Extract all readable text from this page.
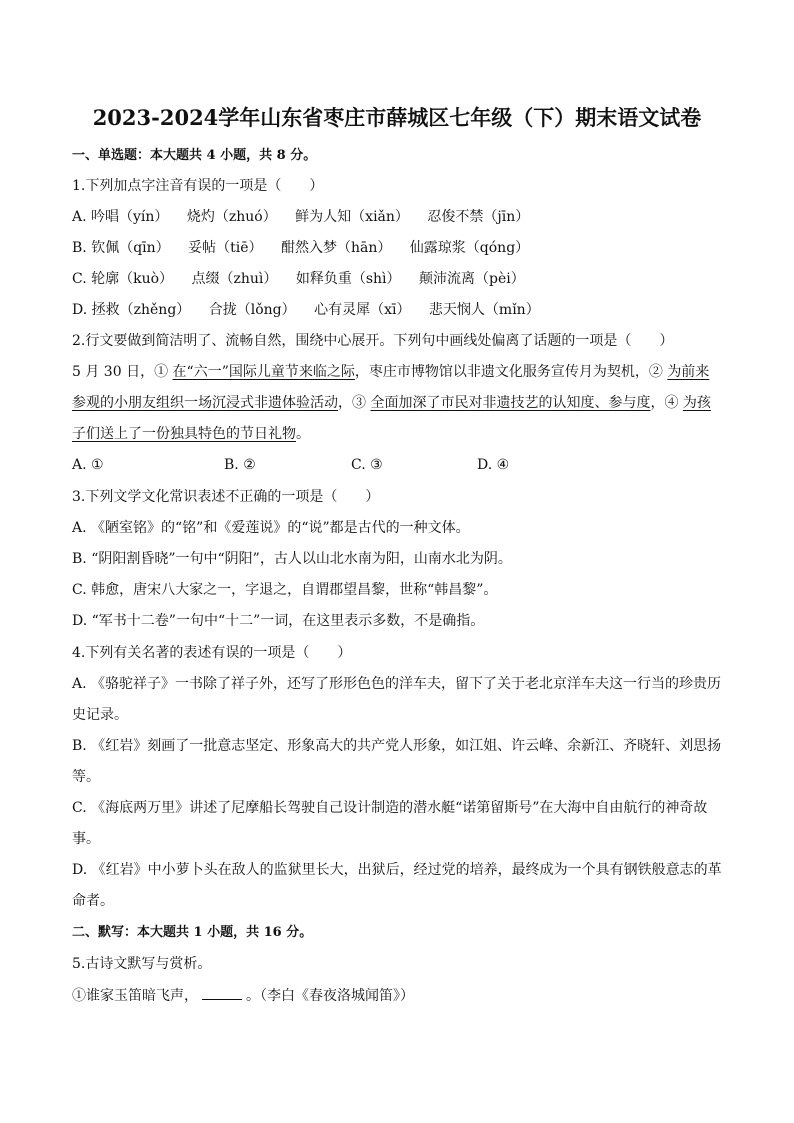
2023-2024学年山东省枣庄市薛城区七年级（下）期末语文试卷
一、单选题：本大题共 4 小题，共 8 分。
1.下列加点字注音有误的一项是（　　）
A. 吟唱（yín） 烧灼（zhuó） 鲜为人知（xiǎn） 忍俊不禁（jīn）
B. 钦佩（qīn） 妥帖（tiē） 酣然入梦（hān） 仙露琼浆（qóng）
C. 轮廓（kuò） 点缀（zhuì） 如释负重（shì） 颠沛流离（pèi）
D. 拯救（zhěng） 合拢（lǒng） 心有灵犀（xī） 悲天悯人（mǐn）
2.行文要做到简洁明了、流畅自然，围绕中心展开。下列句中画线处偏离了话题的一项是（　　）
5 月 30 日，① 在“六一”国际儿童节来临之际，枣庄市博物馆以非遗文化服务宣传月为契机，② 为前来
参观的小朋友组织一场沉浸式非遗体验活动，③ 全面加深了市民对非遗技艺的认知度、参与度，④ 为孩
子们送上了一份独具特色的节日礼物。
A. ①	B. ②	C. ③	D. ④
3.下列文学文化常识表述不正确的一项是（　　）
A. 《陋室铭》的“铭”和《爱莲说》的“说”都是古代的一种文体。
B. “阴阳割昏晓”一句中“阴阳”，古人以山北水南为阳，山南水北为阴。
C. 韩愈，唐宋八大家之一，字退之，自谓郡望昌黎，世称“韩昌黎”。
D. “军书十二卷”一句中“十二”一词，在这里表示多数，不是确指。
4.下列有关名著的表述有误的一项是（　　）
A. 《骆驼祥子》一书除了祥子外，还写了形形色色的洋车夫，留下了关于老北京洋车夫这一行当的珍贵历
史记录。
B. 《红岩》刻画了一批意志坚定、形象高大的共产党人形象，如江姐、许云峰、余新江、齐晓轩、刘思扬
等。
C. 《海底两万里》讲述了尼摩船长驾驶自己设计制造的潜水艇“诺第留斯号”在大海中自由航行的神奇故
事。
D. 《红岩》中小萝卜头在敌人的监狱里长大，出狱后，经过党的培养，最终成为一个具有钢铁般意志的革
命者。
二、默写：本大题共 1 小题，共 16 分。
5.古诗文默写与赏析。
①谁家玉笛暗飞声，	。（李白《春夜洛城闻笛》）
